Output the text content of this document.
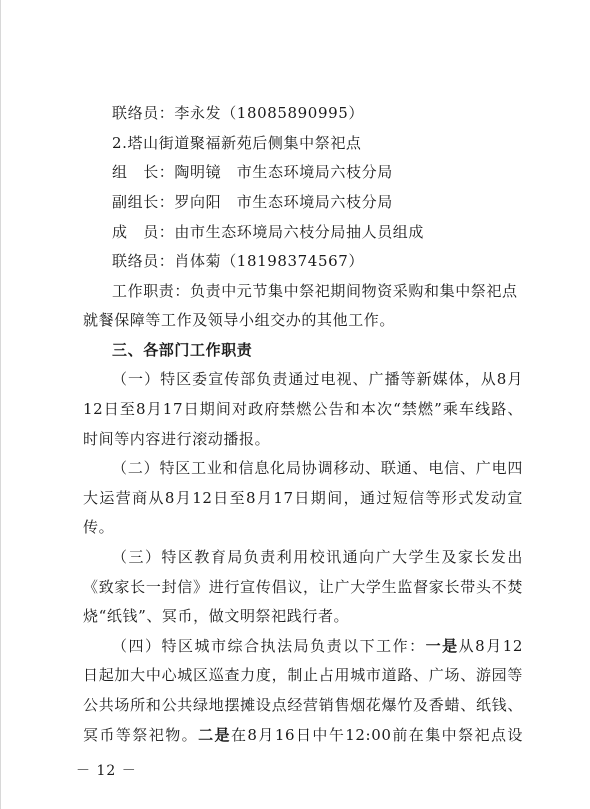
联络员：李永发（18085890995）
2.塔山街道聚福新苑后侧集中祭祀点
组　长：陶明镜　市生态环境局六枝分局
副组长：罗向阳　市生态环境局六枝分局
成　员：由市生态环境局六枝分局抽人员组成
联络员：肖体菊（18198374567）
工作职责：负责中元节集中祭祀期间物资采购和集中祭祀点
就餐保障等工作及领导小组交办的其他工作。
三、各部门工作职责
（一）特区委宣传部负责通过电视、广播等新媒体，从8月
12日至8月17日期间对政府禁燃公告和本次“禁燃”乘车线路、
时间等内容进行滚动播报。
（二）特区工业和信息化局协调移动、联通、电信、广电四
大运营商从8月12日至8月17日期间，通过短信等形式发动宣
传。
（三）特区教育局负责利用校讯通向广大学生及家长发出
《致家长一封信》进行宣传倡议，让广大学生监督家长带头不焚
烧“纸钱”、冥币，做文明祭祀践行者。
（四）特区城市综合执法局负责以下工作：一是从8月12
日起加大中心城区巡查力度，制止占用城市道路、广场、游园等
公共场所和公共绿地摆摊设点经营销售烟花爆竹及香蜡、纸钱、
冥币等祭祀物。二是在8月16日中午12:00前在集中祭祀点设
－ 12 －
